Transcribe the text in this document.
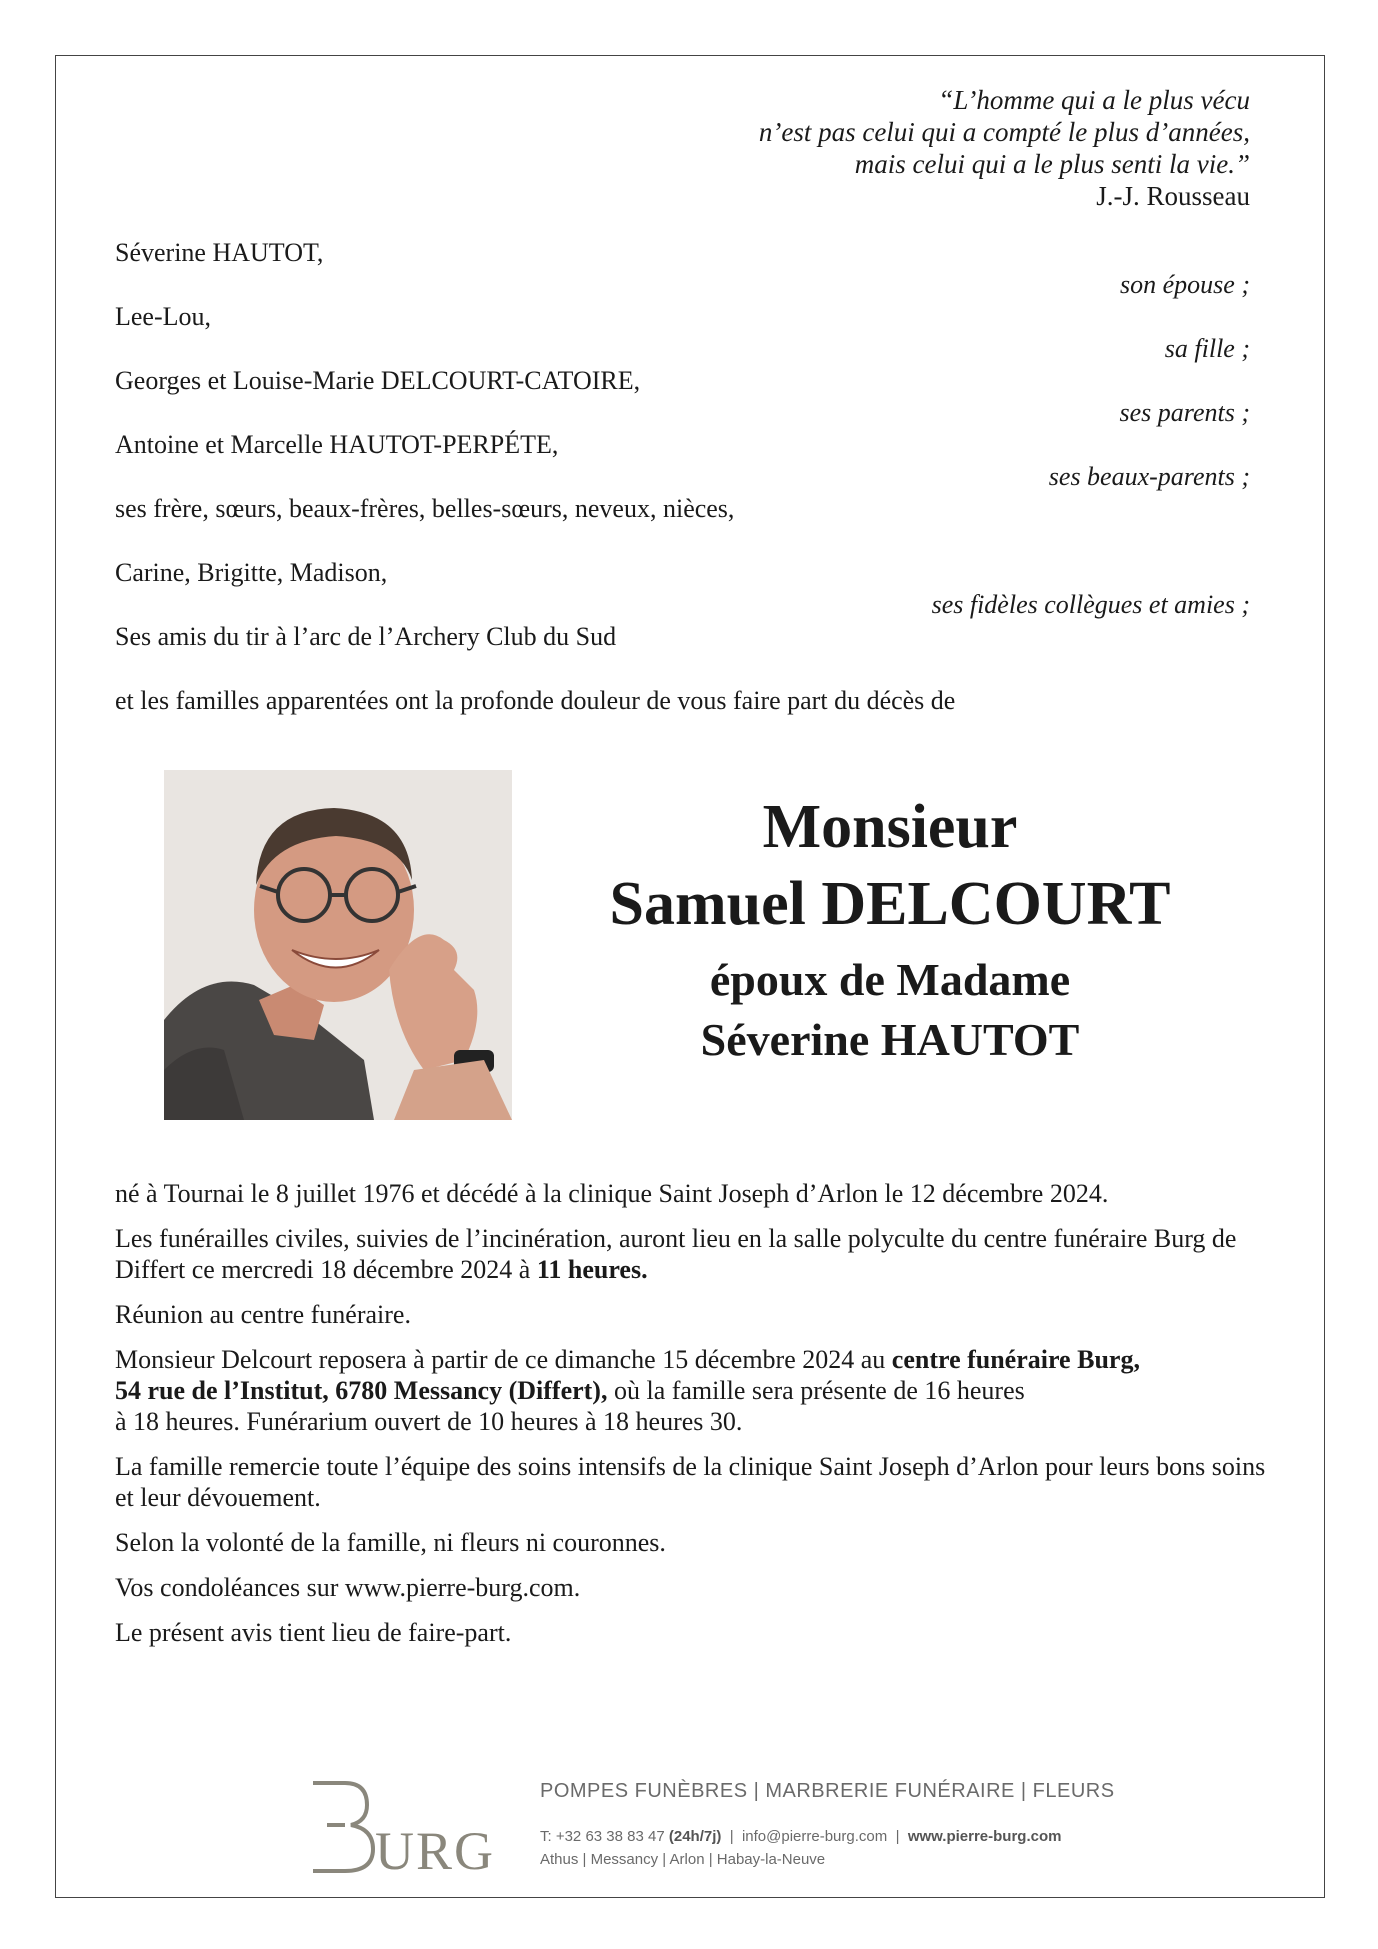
“L’homme qui a le plus vécu
n’est pas celui qui a compté le plus d’années,
mais celui qui a le plus senti la vie.”
J.-J. Rousseau
Séverine HAUTOT,
son épouse ;
Lee-Lou,
sa fille ;
Georges et Louise-Marie DELCOURT-CATOIRE,
ses parents ;
Antoine et Marcelle HAUTOT-PERPÉTE,
ses beaux-parents ;
ses frère, sœurs, beaux-frères, belles-sœurs, neveux, nièces,
Carine, Brigitte, Madison,
ses fidèles collègues et amies ;
Ses amis du tir à l’arc de l’Archery Club du Sud
et les familles apparentées ont la profonde douleur de vous faire part du décès de
Monsieur
Samuel DELCOURT
époux de Madame
Séverine HAUTOT

né à Tournai le 8 juillet 1976 et décédé à la clinique Saint Joseph d’Arlon le 12 décembre 2024.

Les funérailles civiles, suivies de l’incinération, auront lieu en la salle polyculte du centre funéraire Burg de Differt ce mercredi 18 décembre 2024 à 11 heures.

Réunion au centre funéraire.

Monsieur Delcourt reposera à partir de ce dimanche 15 décembre 2024 au centre funéraire Burg,
54 rue de l’Institut, 6780 Messancy (Differt), où la famille sera présente de 16 heures
à 18 heures. Funérarium ouvert de 10 heures à 18 heures 30.

La famille remercie toute l’équipe des soins intensifs de la clinique Saint Joseph d’Arlon pour leurs bons soins et leur dévouement.

Selon la volonté de la famille, ni fleurs ni couronnes.

Vos condoléances sur www.pierre-burg.com.

Le présent avis tient lieu de faire-part.

URG
POMPES FUNÈBRES | MARBRERIE FUNÉRAIRE | FLEURS
T: +32 63 38 83 47 (24h/7j)  |  info@pierre-burg.com  |  www.pierre-burg.com
Athus | Messancy | Arlon | Habay-la-Neuve
